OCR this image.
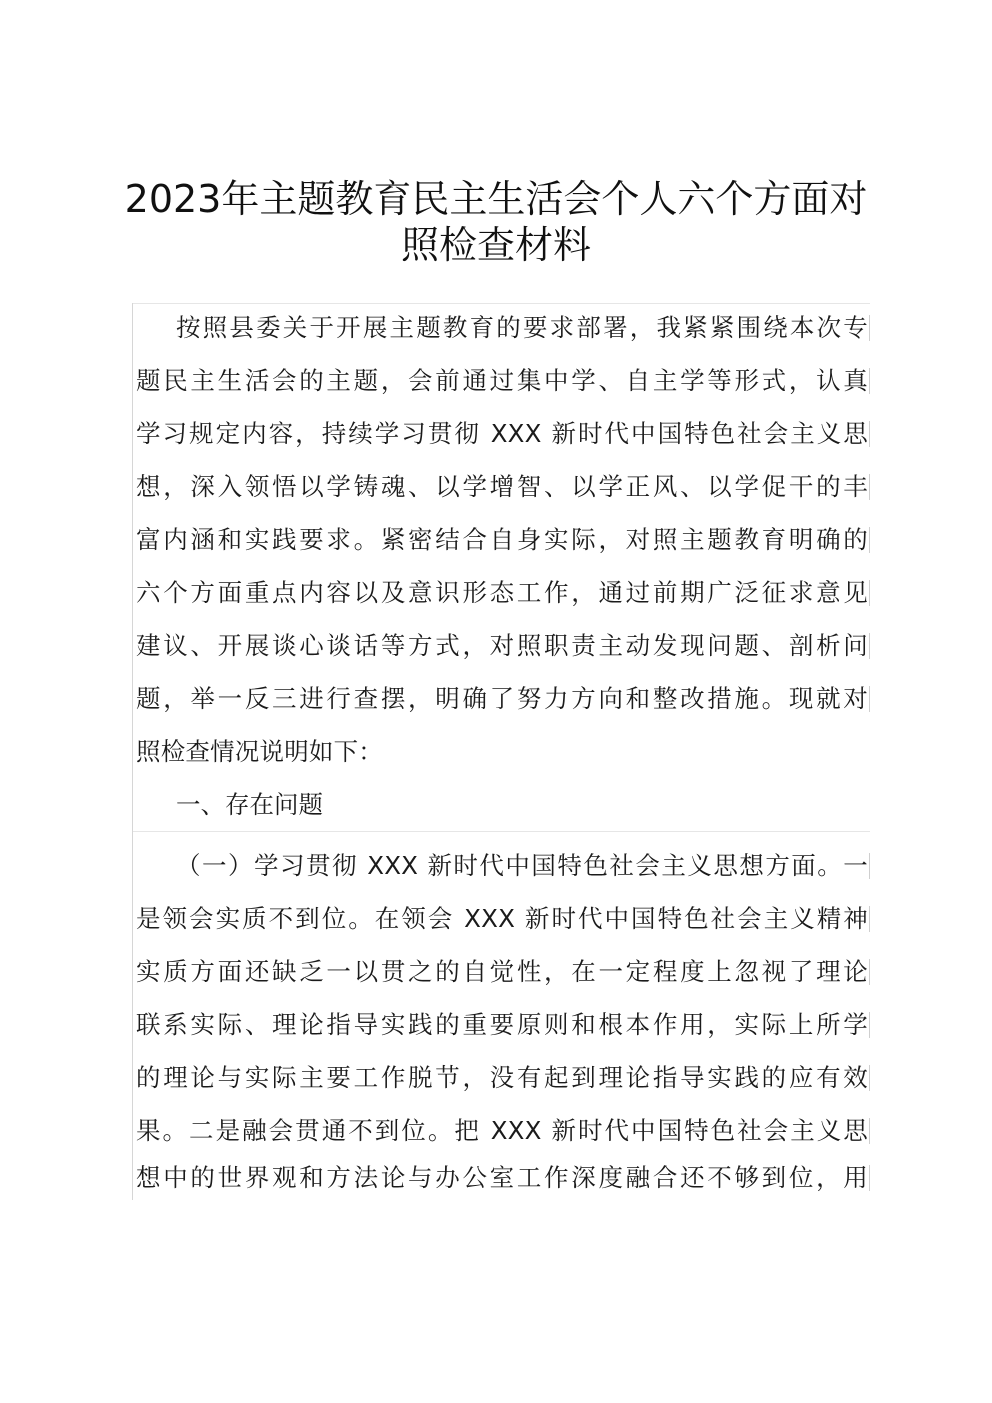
2023年主题教育民主生活会个人六个方面对
照检查材料
按照县委关于开展主题教育的要求部署，我紧紧围绕本次专
题民主生活会的主题，会前通过集中学、自主学等形式，认真
学习规定内容，持续学习贯彻 XXX 新时代中国特色社会主义思
想，深入领悟以学铸魂、以学增智、以学正风、以学促干的丰
富内涵和实践要求。紧密结合自身实际，对照主题教育明确的
六个方面重点内容以及意识形态工作，通过前期广泛征求意见
建议、开展谈心谈话等方式，对照职责主动发现问题、剖析问
题，举一反三进行查摆，明确了努力方向和整改措施。现就对
照检查情况说明如下：
一、存在问题
（一）学习贯彻 XXX 新时代中国特色社会主义思想方面。一
是领会实质不到位。在领会 XXX 新时代中国特色社会主义精神
实质方面还缺乏一以贯之的自觉性，在一定程度上忽视了理论
联系实际、理论指导实践的重要原则和根本作用，实际上所学
的理论与实际主要工作脱节，没有起到理论指导实践的应有效
果。二是融会贯通不到位。把 XXX 新时代中国特色社会主义思
想中的世界观和方法论与办公室工作深度融合还不够到位，用
